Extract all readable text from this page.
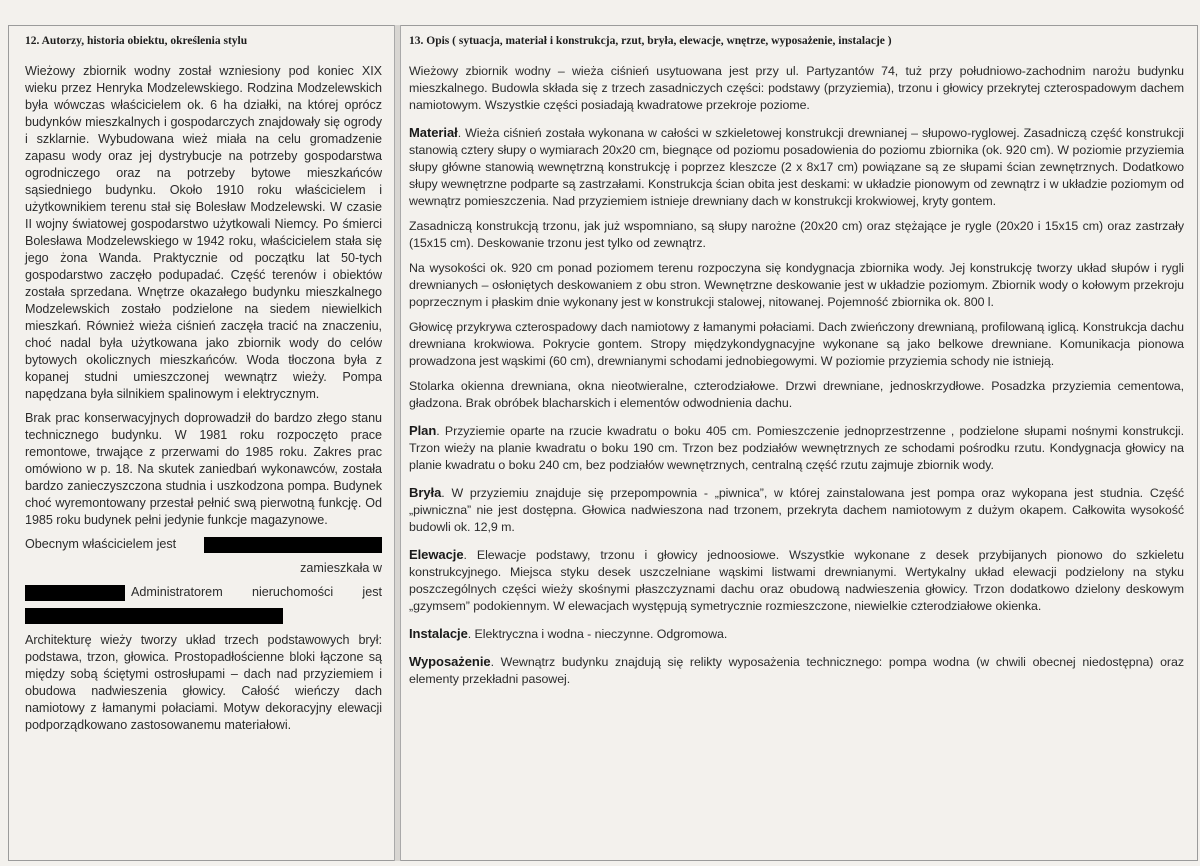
12. Autorzy, historia obiektu, określenia stylu

Wieżowy zbiornik wodny został wzniesiony pod koniec XIX wieku przez Henryka Modzelewskiego. Rodzina Modzelewskich była wówczas właścicielem ok. 6 ha działki, na której oprócz budynków mieszkalnych i gospodarczych znajdowały się ogrody i szklarnie. Wybudowana wież miała na celu gromadzenie zapasu wody oraz jej dystrybucje na potrzeby gospodarstwa ogrodniczego oraz na potrzeby bytowe mieszkańców sąsiedniego budynku. Około 1910 roku właścicielem i użytkownikiem terenu stał się Bolesław Modzelewski. W czasie II wojny światowej gospodarstwo użytkowali Niemcy. Po śmierci Bolesława Modzelewskiego w 1942 roku, właścicielem stała się jego żona Wanda. Praktycznie od początku lat 50-tych gospodarstwo zaczęło podupadać. Część terenów i obiektów została sprzedana. Wnętrze okazałego budynku mieszkalnego Modzelewskich zostało podzielone na siedem niewielkich mieszkań. Również wieża ciśnień zaczęła tracić na znaczeniu, choć nadal była użytkowana jako zbiornik wody do celów bytowych okolicznych mieszkańców. Woda tłoczona była z kopanej studni umieszczonej wewnątrz wieży. Pompa napędzana była silnikiem spalinowym i elektrycznym.

Brak prac konserwacyjnych doprowadził do bardzo złego stanu technicznego budynku. W 1981 roku rozpoczęto prace remontowe, trwające z przerwami do 1985 roku. Zakres prac omówiono w p. 18. Na skutek zaniedbań wykonawców, została bardzo zanieczyszczona studnia i uszkodzona pompa. Budynek choć wyremontowany przestał pełnić swą pierwotną funkcję. Od 1985 roku budynek pełni jedynie funkcje magazynowe.

Obecnym właścicielem jest
zamieszkała w
Administratorem nieruchomości jest

Architekturę wieży tworzy układ trzech podstawowych brył: podstawa, trzon, głowica. Prostopadłościenne bloki łączone są między sobą ściętymi ostrosłupami – dach nad przyziemiem i obudowa nadwieszenia głowicy. Całość wieńczy dach namiotowy z łamanymi połaciami. Motyw dekoracyjny elewacji podporządkowano zastosowanemu materiałowi.

13. Opis ( sytuacja, materiał i konstrukcja, rzut, bryła, elewacje, wnętrze, wyposażenie, instalacje )

Wieżowy zbiornik wodny – wieża ciśnień usytuowana jest przy ul. Partyzantów 74, tuż przy południowo-zachodnim narożu budynku mieszkalnego. Budowla składa się z trzech zasadniczych części: podstawy (przyziemia), trzonu i głowicy przekrytej czterospadowym dachem namiotowym. Wszystkie części posiadają kwadratowe przekroje poziome.

Materiał. Wieża ciśnień została wykonana w całości w szkieletowej konstrukcji drewnianej – słupowo-ryglowej. Zasadniczą część konstrukcji stanowią cztery słupy o wymiarach 20x20 cm, biegnące od poziomu posadowienia do poziomu zbiornika (ok. 920 cm). W poziomie przyziemia słupy główne stanowią wewnętrzną konstrukcję i poprzez kleszcze (2 x 8x17 cm) powiązane są ze słupami ścian zewnętrznych. Dodatkowo słupy wewnętrzne podparte są zastrzałami. Konstrukcja ścian obita jest deskami: w układzie pionowym od zewnątrz i w układzie poziomym od wewnątrz pomieszczenia. Nad przyziemiem istnieje drewniany dach w konstrukcji krokwiowej, kryty gontem.

Zasadniczą konstrukcją trzonu, jak już wspomniano, są słupy narożne (20x20 cm) oraz stężające je rygle (20x20 i 15x15 cm) oraz zastrzały (15x15 cm). Deskowanie trzonu jest tylko od zewnątrz.

Na wysokości ok. 920 cm ponad poziomem terenu rozpoczyna się kondygnacja zbiornika wody. Jej konstrukcję tworzy układ słupów i rygli drewnianych – osłoniętych deskowaniem z obu stron. Wewnętrzne deskowanie jest w układzie poziomym. Zbiornik wody o kołowym przekroju poprzecznym i płaskim dnie wykonany jest w konstrukcji stalowej, nitowanej. Pojemność zbiornika ok. 800 l.

Głowicę przykrywa czterospadowy dach namiotowy z łamanymi połaciami. Dach zwieńczony drewnianą, profilowaną iglicą. Konstrukcja dachu drewniana krokwiowa. Pokrycie gontem. Stropy międzykondygnacyjne wykonane są jako belkowe drewniane. Komunikacja pionowa prowadzona jest wąskimi (60 cm), drewnianymi schodami jednobiegowymi. W poziomie przyziemia schody nie istnieją.

Stolarka okienna drewniana, okna nieotwieralne, czterodziałowe. Drzwi drewniane, jednoskrzydłowe. Posadzka przyziemia cementowa, gładzona. Brak obróbek blacharskich i elementów odwodnienia dachu.

Plan. Przyziemie oparte na rzucie kwadratu o boku 405 cm. Pomieszczenie jednoprzestrzenne , podzielone słupami nośnymi konstrukcji. Trzon wieży na planie kwadratu o boku 190 cm. Trzon bez podziałów wewnętrznych ze schodami pośrodku rzutu. Kondygnacja głowicy na planie kwadratu o boku 240 cm, bez podziałów wewnętrznych, centralną część rzutu zajmuje zbiornik wody.

Bryła. W przyziemiu znajduje się przepompownia - „piwnica”, w której zainstalowana jest pompa oraz wykopana jest studnia. Część „piwniczna” nie jest dostępna. Głowica nadwieszona nad trzonem, przekryta dachem namiotowym z dużym okapem. Całkowita wysokość budowli ok. 12,9 m.

Elewacje. Elewacje podstawy, trzonu i głowicy jednoosiowe. Wszystkie wykonane z desek przybijanych pionowo do szkieletu konstrukcyjnego. Miejsca styku desek uszczelniane wąskimi listwami drewnianymi. Wertykalny układ elewacji podzielony na styku poszczególnych części wieży skośnymi płaszczyznami dachu oraz obudową nadwieszenia głowicy. Trzon dodatkowo dzielony deskowym „gzymsem” podokiennym. W elewacjach występują symetrycznie rozmieszczone, niewielkie czterodziałowe okienka.

Instalacje. Elektryczna i wodna - nieczynne. Odgromowa.

Wyposażenie. Wewnątrz budynku znajdują się relikty wyposażenia technicznego: pompa wodna (w chwili obecnej niedostępna) oraz elementy przekładni pasowej.
